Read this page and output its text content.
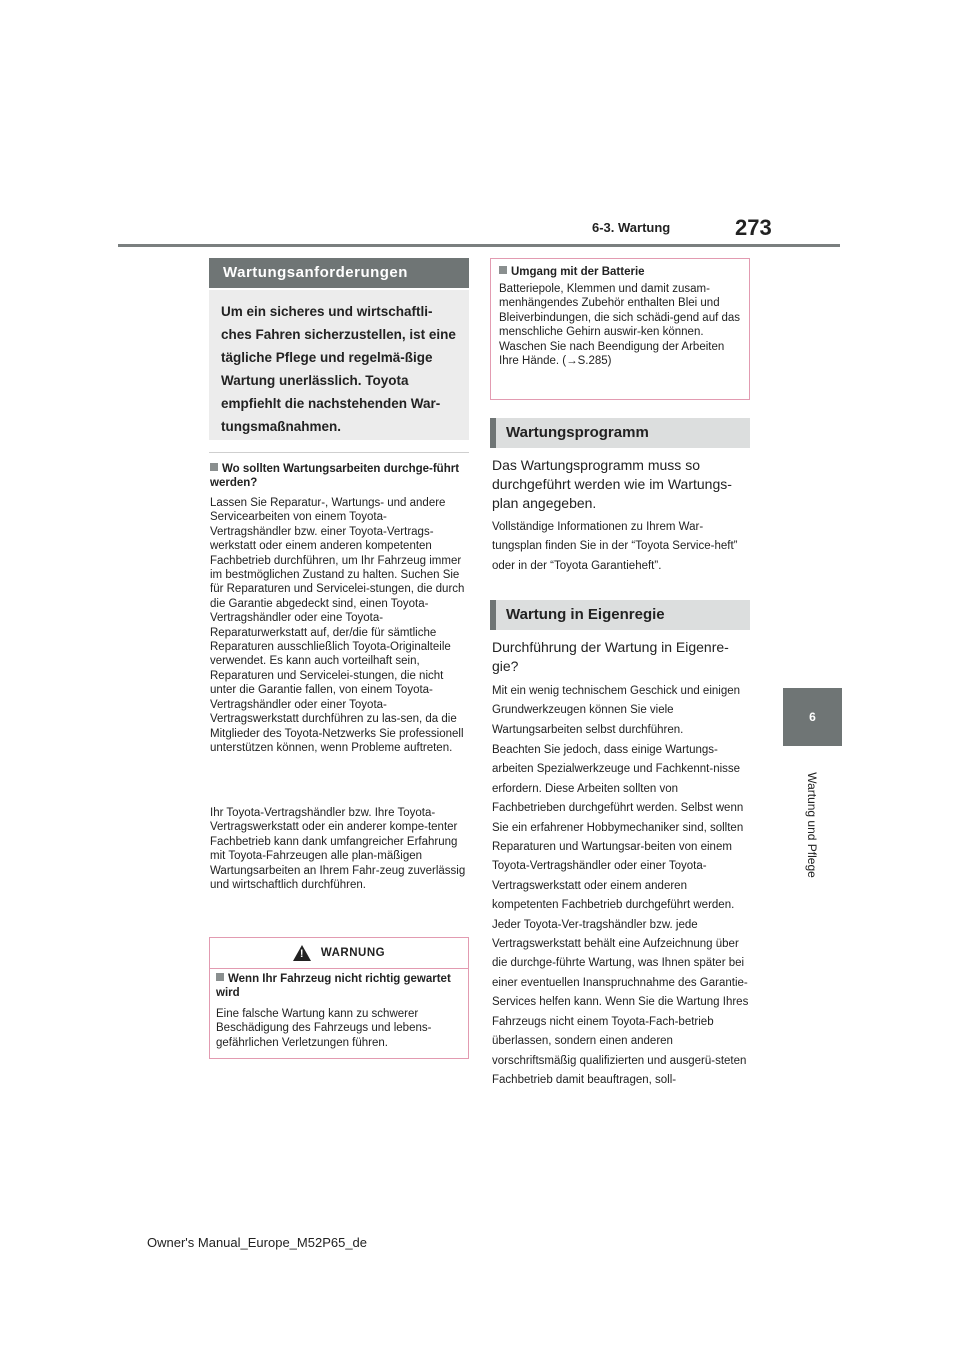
6-3. Wartung	273
6
Wartung und Pflege
Wartungsanforderungen
Um ein sicheres und wirtschaftli-ches Fahren sicherzustellen, ist eine tägliche Pflege und regelmä-ßige Wartung unerlässlich. Toyota empfiehlt die nachstehenden War-tungsmaßnahmen.
Wo sollten Wartungsarbeiten durchge-führt werden?
Lassen Sie Reparatur-, Wartungs- und andere Servicearbeiten von einem Toyota-Vertragshändler bzw. einer Toyota-Vertrags-werkstatt oder einem anderen kompetenten Fachbetrieb durchführen, um Ihr Fahrzeug immer im bestmöglichen Zustand zu halten. Suchen Sie für Reparaturen und Servicelei-stungen, die durch die Garantie abgedeckt sind, einen Toyota-Vertragshändler oder eine Toyota-Reparaturwerkstatt auf, der/die für sämtliche Reparaturen ausschließlich Toyota-Originalteile verwendet. Es kann auch vorteilhaft sein, Reparaturen und Servicelei-stungen, die nicht unter die Garantie fallen, von einem Toyota-Vertragshändler oder einer Toyota-Vertragswerkstatt durchführen zu las-sen, da die Mitglieder des Toyota-Netzwerks Sie professionell unterstützen können, wenn Probleme auftreten.
Ihr Toyota-Vertragshändler bzw. Ihre Toyota-Vertragswerkstatt oder ein anderer kompe-tenter Fachbetrieb kann dank umfangreicher Erfahrung mit Toyota-Fahrzeugen alle plan-mäßigen Wartungsarbeiten an Ihrem Fahr-zeug zuverlässig und wirtschaftlich durchführen.
! WARNUNG
Wenn Ihr Fahrzeug nicht richtig gewartet wird
Eine falsche Wartung kann zu schwerer Beschädigung des Fahrzeugs und lebens-gefährlichen Verletzungen führen.
Umgang mit der Batterie
Batteriepole, Klemmen und damit zusam-menhängendes Zubehör enthalten Blei und Bleiverbindungen, die sich schädi-gend auf das menschliche Gehirn auswir-ken können. Waschen Sie nach Beendigung der Arbeiten Ihre Hände. (→S.285)
Wartungsprogramm
Das Wartungsprogramm muss so durchgeführt werden wie im Wartungs-plan angegeben.
Vollständige Informationen zu Ihrem War-tungsplan finden Sie in der “Toyota Service-heft” oder in der “Toyota Garantieheft”.
Wartung in Eigenregie
Durchführung der Wartung in Eigenre-gie?
Mit ein wenig technischem Geschick und einigen Grundwerkzeugen können Sie viele Wartungsarbeiten selbst durchführen.
Beachten Sie jedoch, dass einige Wartungs-arbeiten Spezialwerkzeuge und Fachkennt-nisse erfordern. Diese Arbeiten sollten von Fachbetrieben durchgeführt werden. Selbst wenn Sie ein erfahrener Hobbymechaniker sind, sollten Reparaturen und Wartungsar-beiten von einem Toyota-Vertragshändler oder einer Toyota-Vertragswerkstatt oder einem anderen kompetenten Fachbetrieb durchgeführt werden. Jeder Toyota-Ver-tragshändler bzw. jede Vertragswerkstatt behält eine Aufzeichnung über die durchge-führte Wartung, was Ihnen später bei einer eventuellen Inanspruchnahme des Garantie-Services helfen kann. Wenn Sie die Wartung Ihres Fahrzeugs nicht einem Toyota-Fach-betrieb überlassen, sondern einen anderen vorschriftsmäßig qualifizierten und ausgerü-steten Fachbetrieb damit beauftragen, soll-
Owner's Manual_Europe_M52P65_de
